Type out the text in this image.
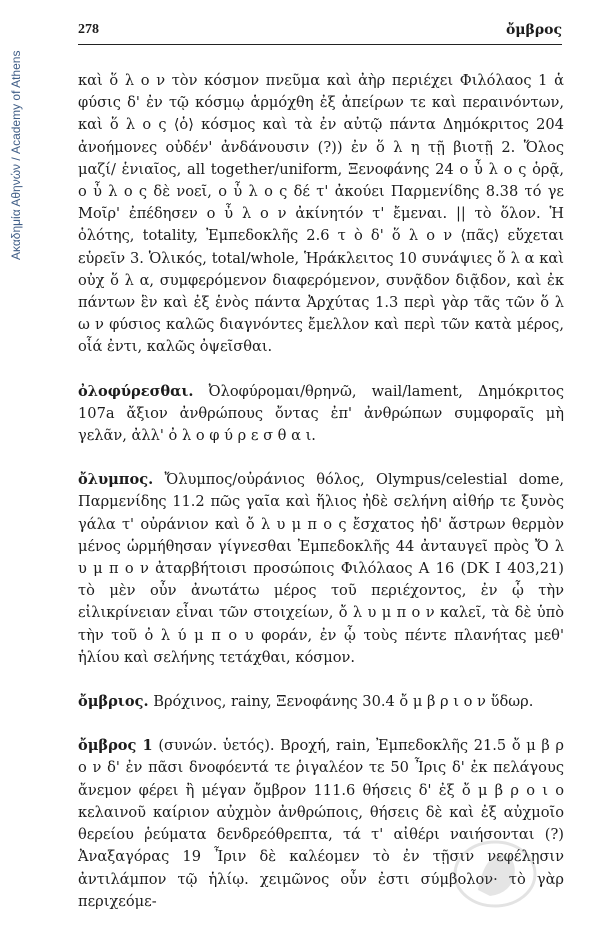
Ακαδημία Αθηνών / Academy of Athens
278	ὄμβρος

καὶ ὅ λ ο ν τὸν κόσμον πνεῦμα καὶ ἀὴρ περιέχει Φιλόλαος 1 ἁ φύσις δ' ἐν τῷ κόσμῳ ἁρμόχθη ἐξ ἀπείρων τε καὶ περαινόντων, καὶ ὅ λ ο ς ⟨ὁ⟩ κόσμος καὶ τὰ ἐν αὐτῷ πάντα Δημόκριτος 204 ἀνοήμονες οὐδέν' ἀνδάνουσιν (?)) ἐν ὅ λ η τῇ βιοτῇ 2. Ὅλος μαζί/ ἑνιαῖος, all together/uniform, Ξενοφάνης 24 ο ὖ λ ο ς ὁρᾷ, ο ὖ λ ο ς δὲ νοεῖ, ο ὖ λ ο ς δέ τ' ἀκούει Παρμενίδης 8.38 τό γε Μοῖρ' ἐπέδησεν ο ὖ λ ο ν ἀκίνητόν τ' ἔμεναι. || τὸ ὅλον. Ἡ ὁλότης, totality, Ἐμπεδοκλῆς 2.6 τ ὸ δ' ὅ λ ο ν ⟨πᾶς⟩ εὔχεται εὑρεῖν 3. Ὁλικός, total/whole, Ἡράκλειτος 10 συνάψιες ὅ λ α καὶ οὐχ ὅ λ α, συμφερόμενον διαφερόμενον, συνᾷδον διᾷδον, καὶ ἐκ πάντων ἓν καὶ ἐξ ἑνὸς πάντα Ἀρχύτας 1.3 περὶ γὰρ τᾶς τῶν ὅ λ ω ν φύσιος καλῶς διαγνόντες ἔμελλον καὶ περὶ τῶν κατὰ μέρος, οἷά ἐντι, καλῶς ὀψεῖσθαι.

ὀλοφύρεσθαι. Ὀλοφύρομαι/θρηνῶ, wail/lament, Δημόκριτος 107a ἄξιον ἀνθρώπους ὄντας ἐπ' ἀνθρώπων συμφοραῖς μὴ γελᾶν, ἀλλ' ὀ λ ο φ ύ ρ ε σ θ α ι.

ὄλυμπος. Ὄλυμπος/οὐράνιος θόλος, Olympus/celestial dome, Παρμενίδης 11.2 πῶς γαῖα καὶ ἥλιος ἠδὲ σελήνη αἰθήρ τε ξυνὸς γάλα τ' οὐράνιον καὶ ὄ λ υ μ π ο ς ἔσχατος ἠδ' ἄστρων θερμὸν μένος ὡρμήθησαν γίγνεσθαι Ἐμπεδοκλῆς 44 ἀνταυγεῖ πρὸς Ὄ λ υ μ π ο ν ἀταρβήτοισι προσώποις Φιλόλαος Α 16 (DK I 403,21) τὸ μὲν οὖν ἀνωτάτω μέρος τοῦ περιέχοντος, ἐν ᾧ τὴν εἰλικρίνειαν εἶναι τῶν στοιχείων, ὄ λ υ μ π ο ν καλεῖ, τὰ δὲ ὑπὸ τὴν τοῦ ὀ λ ύ μ π ο υ φοράν, ἐν ᾧ τοὺς πέντε πλανήτας μεθ' ἡλίου καὶ σελήνης τετάχθαι, κόσμον.

ὄμβριος. Βρόχινος, rainy, Ξενοφάνης 30.4 ὄ μ β ρ ι ο ν ὕδωρ.

ὄμβρος 1 (συνών. ὑετός). Βροχή, rain, Ἐμπεδοκλῆς 21.5 ὄ μ β ρ ο ν δ' ἐν πᾶσι δνοφόεντά τε ῥιγαλέον τε 50 Ἶρις δ' ἐκ πελάγους ἄνεμον φέρει ἢ μέγαν ὄμβρον 111.6 θήσεις δ' ἐξ ὄ μ β ρ ο ι ο κελαινοῦ καίριον αὐχμὸν ἀνθρώποις, θήσεις δὲ καὶ ἐξ αὐχμοῖο θερείου ῥεύματα δενδρεόθρεπτα, τά τ' αἰθέρι ναιήσονται (?) Ἀναξαγόρας 19 Ἶριν δὲ καλέομεν τὸ ἐν τῇσιν νεφέλῃσιν ἀντιλάμπον τῷ ἡλίῳ. χειμῶνος οὖν ἐστι σύμβολον· τὸ γὰρ περιχεόμε-
